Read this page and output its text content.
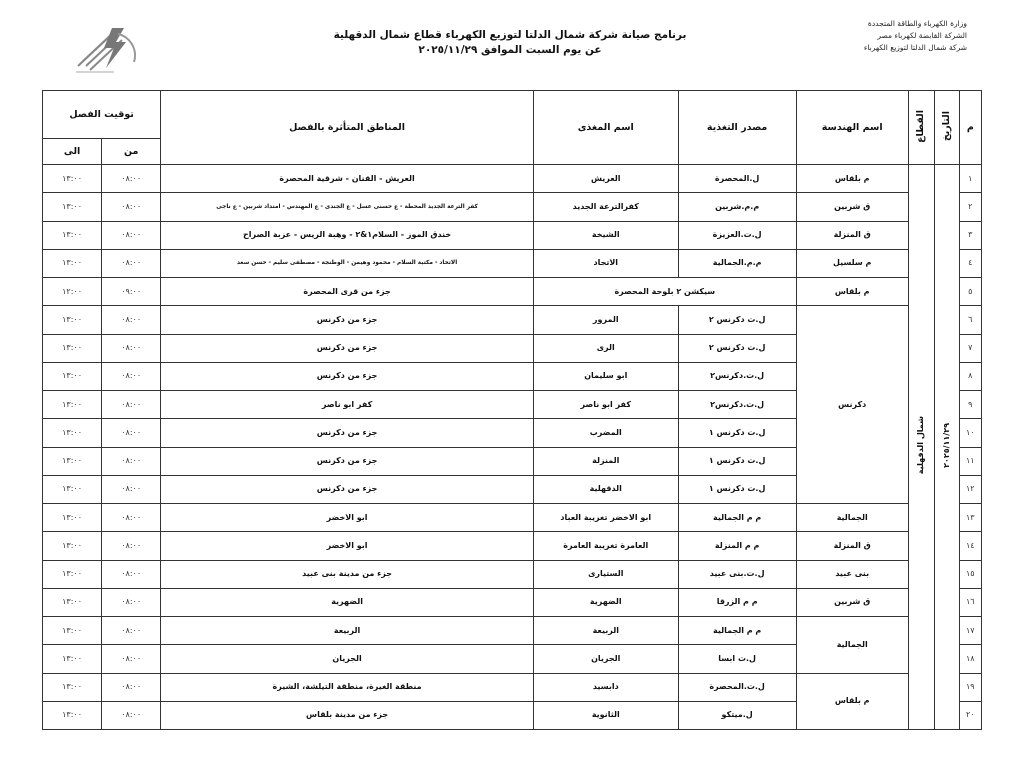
وزارة الكهرباء والطاقة المتجددة
الشركة القابضة لكهرباء مصر
شركة شمال الدلتا لتوزيع الكهرباء
برنامج صيانة شركة شمال الدلتا لتوزيع الكهرباء قطاع شمال الدقهلية
عن يوم السبت الموافق ٢٠٢٥/١١/٢٩
م	التاريخ	القطاع	اسم الهندسة	مصدر التغذية	اسم المغذى	المناطق المتأثرة بالفصل	توقيت الفصل	
							من	الى
١	٢٠٢٥/١١/٢٩	شمال الدقهلية	م بلقاس	ل.المحصرة	العريش	العريش - القنان - شرقية المحصرة	٠٨:٠٠	١٣:٠٠
٢			ق شربين	م.م.شربين	كفرالترعة الجديد	كفر الترعة الجديد المحطة - ع حسنى عسل - ع الجندى - ع المهندس - امتداد شربين - ع ناجى	٠٨:٠٠	١٣:٠٠
٣			ق المنزلة	ل.ت.العزيزة	الشيخة	خندق الموز - السلام١&٢ - وهبة الريس - عزبة الصراح	٠٨:٠٠	١٣:٠٠
٤			م سلسيل	م.م.الجمالية	الاتحاد	الاتحاد - مكتبة السلام - محمود وهيمن - الوطنجة - مصطفى سليم - حسن سعد	٠٨:٠٠	١٣:٠٠
٥			م بلقاس	سيكشن ٢ بلوحة المحصرة		جزء من قرى المحصرة	٠٩:٠٠	١٢:٠٠
٦			دكرنس	ل.ت دكرنس ٢	المرور	جزء من دكرنس	٠٨:٠٠	١٣:٠٠
٧				ل.ت دكرنس ٢	الرى	جزء من دكرنس	٠٨:٠٠	١٣:٠٠
٨				ل.ت.دكرنس٢	ابو سليمان	جزء من دكرنس	٠٨:٠٠	١٣:٠٠
٩				ل.ت.دكرنس٢	كفر ابو ناصر	كفر ابو ناصر	٠٨:٠٠	١٣:٠٠
١٠				ل.ت دكرنس ١	المضرب	جزء من دكرنس	٠٨:٠٠	١٣:٠٠
١١				ل.ت دكرنس ١	المنزلة	جزء من دكرنس	٠٨:٠٠	١٣:٠٠
١٢				ل.ت دكرنس ١	الدقهلية	جزء من دكرنس	٠٨:٠٠	١٣:٠٠
١٣			الجمالية	م م الجمالية	ابو الاخضر تغريبة العباد	ابو الاخضر	٠٨:٠٠	١٣:٠٠
١٤			ق المنزلة	م م المنزلة	العامرة تغريبة العامرة	ابو الاخضر	٠٨:٠٠	١٣:٠٠
١٥			بنى عبيد	ل.ت.بنى عبيد	الستيارى	جزء من مدينة بنى عبيد	٠٨:٠٠	١٣:٠٠
١٦			ق شربين	م م الزرقا	الضهرية	الضهرية	٠٨:٠٠	١٣:٠٠
١٧			الجمالية	م م الجمالية	الربيعة	الربيعة	٠٨:٠٠	١٣:٠٠
١٨				ل.ت ابسا	الجريان	الجريان	٠٨:٠٠	١٣:٠٠
١٩			م بلقاس	ل.ت.المحصرة	دابسيد	منطقة الغيرة، منطقة التيلشة، الشيرة	٠٨:٠٠	١٣:٠٠
٢٠				ل.ميتكو	الثانوية	جزء من مدينة بلقاس	٠٨:٠٠	١٣:٠٠
